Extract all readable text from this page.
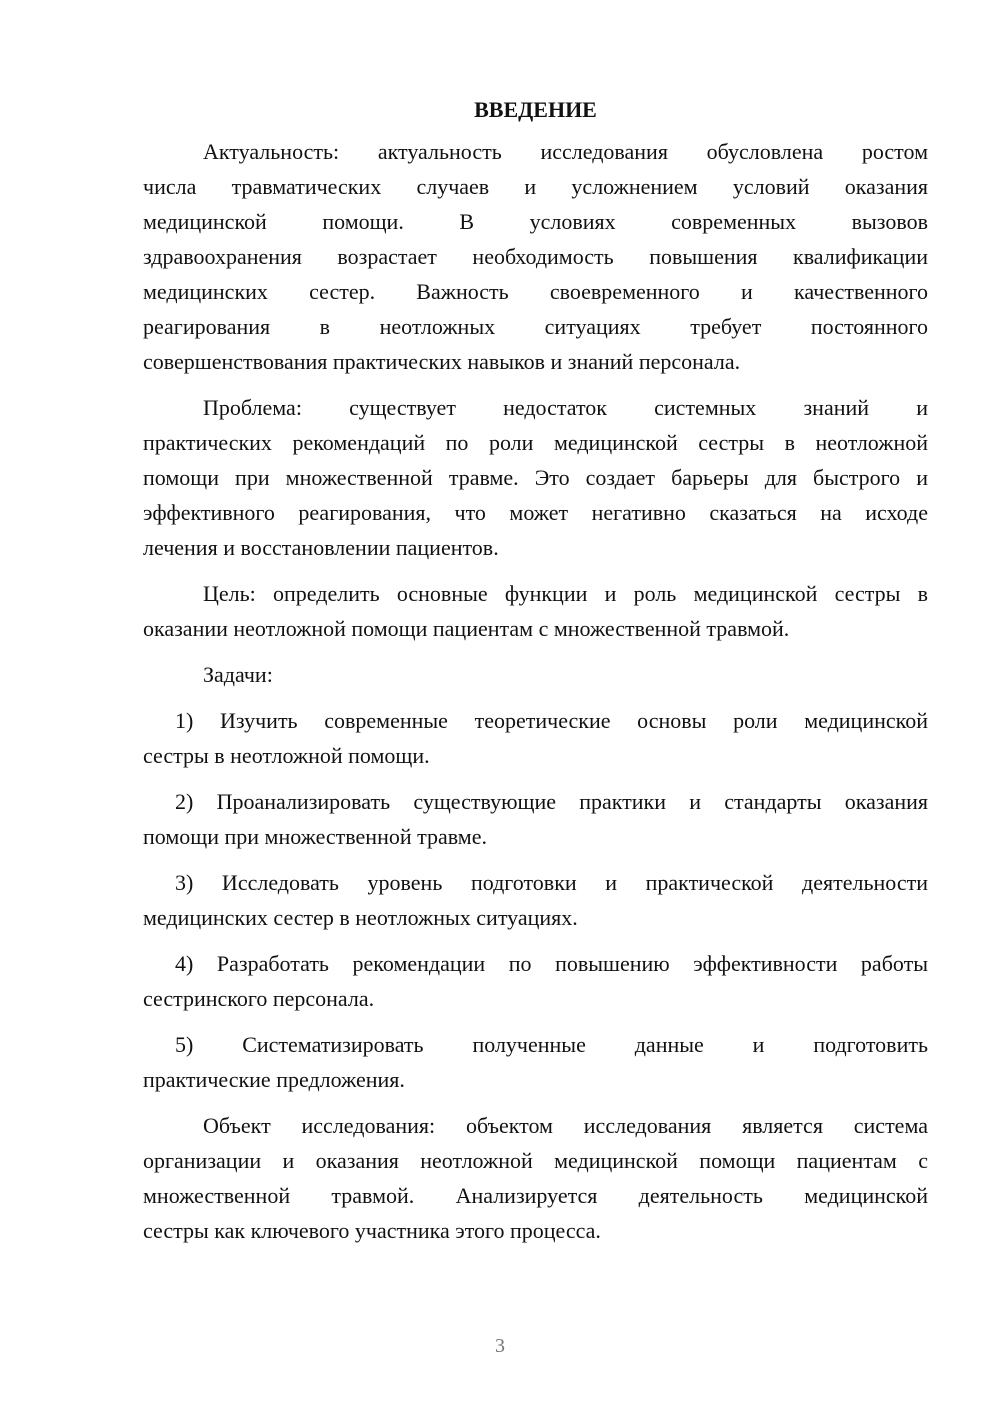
ВВЕДЕНИЕ
Актуальность: актуальность исследования обусловлена ростом
числа травматических случаев и усложнением условий оказания
медицинской помощи. В условиях современных вызовов
здравоохранения возрастает необходимость повышения квалификации
медицинских сестер. Важность своевременного и качественного
реагирования в неотложных ситуациях требует постоянного
совершенствования практических навыков и знаний персонала.
Проблема: существует недостаток системных знаний и
практических рекомендаций по роли медицинской сестры в неотложной
помощи при множественной травме. Это создает барьеры для быстрого и
эффективного реагирования, что может негативно сказаться на исходе
лечения и восстановлении пациентов.
Цель: определить основные функции и роль медицинской сестры в
оказании неотложной помощи пациентам с множественной травмой.
Задачи:
1) Изучить современные теоретические основы роли медицинской
сестры в неотложной помощи.
2) Проанализировать существующие практики и стандарты оказания
помощи при множественной травме.
3) Исследовать уровень подготовки и практической деятельности
медицинских сестер в неотложных ситуациях.
4) Разработать рекомендации по повышению эффективности работы
сестринского персонала.
5) Систематизировать полученные данные и подготовить
практические предложения.
Объект исследования: объектом исследования является система
организации и оказания неотложной медицинской помощи пациентам с
множественной травмой. Анализируется деятельность медицинской
сестры как ключевого участника этого процесса.
3
